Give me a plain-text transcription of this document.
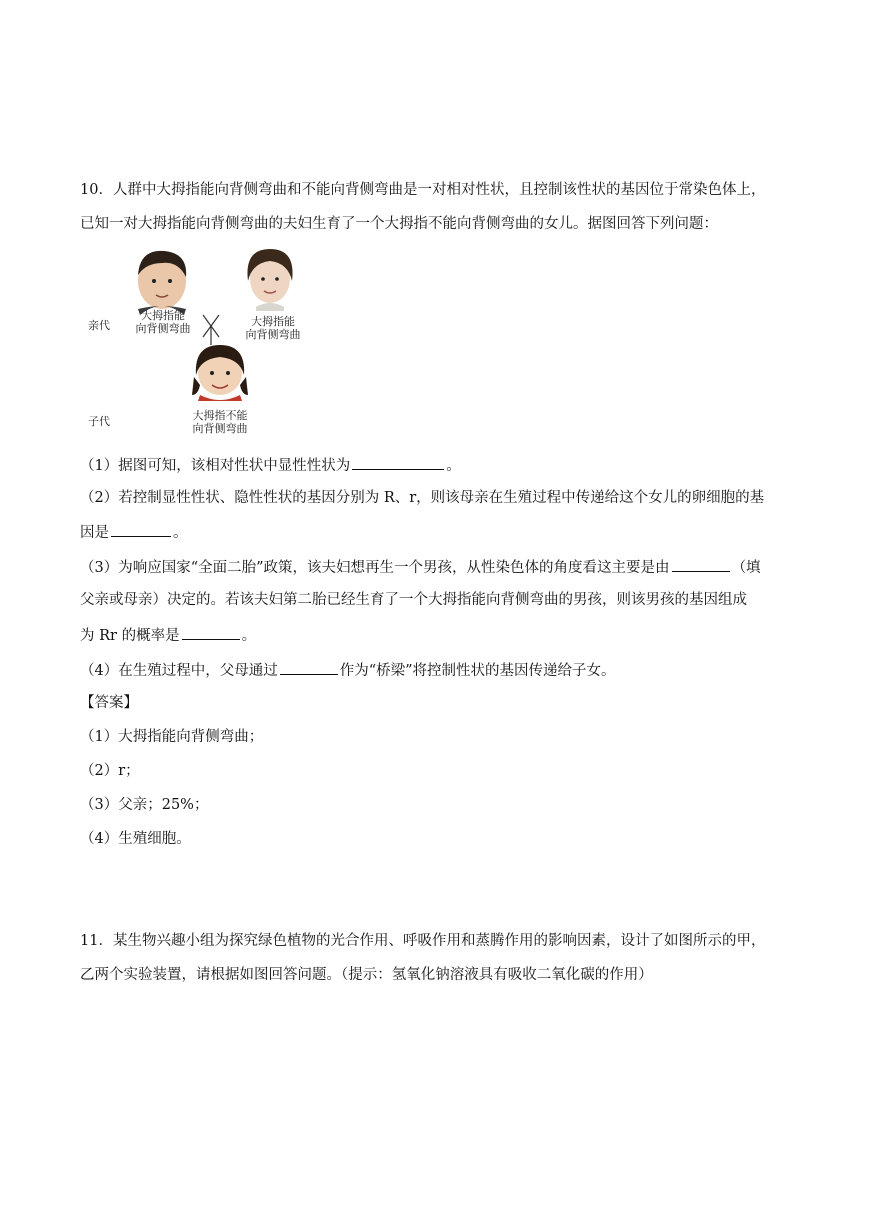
10．人群中大拇指能向背侧弯曲和不能向背侧弯曲是一对相对性状，且控制该性状的基因位于常染色体上，
已知一对大拇指能向背侧弯曲的夫妇生育了一个大拇指不能向背侧弯曲的女儿。据图回答下列问题：
亲代
子代
大拇指能
向背侧弯曲
大拇指能
向背侧弯曲
大拇指不能
向背侧弯曲
（1）据图可知，该相对性状中显性性状为	。
（2）若控制显性性状、隐性性状的基因分别为 R、r，则该母亲在生殖过程中传递给这个女儿的卵细胞的基
因是	。
（3）为响应国家“全面二胎”政策，该夫妇想再生一个男孩，从性染色体的角度看这主要是由	（填
父亲或母亲）决定的。若该夫妇第二胎已经生育了一个大拇指能向背侧弯曲的男孩，则该男孩的基因组成
为 Rr 的概率是	。
（4）在生殖过程中，父母通过	作为“桥梁”将控制性状的基因传递给子女。
【答案】
（1）大拇指能向背侧弯曲；
（2）r；
（3）父亲；25%；
（4）生殖细胞。
11．某生物兴趣小组为探究绿色植物的光合作用、呼吸作用和蒸腾作用的影响因素，设计了如图所示的甲，
乙两个实验装置，请根据如图回答问题。（提示：氢氧化钠溶液具有吸收二氧化碳的作用）
